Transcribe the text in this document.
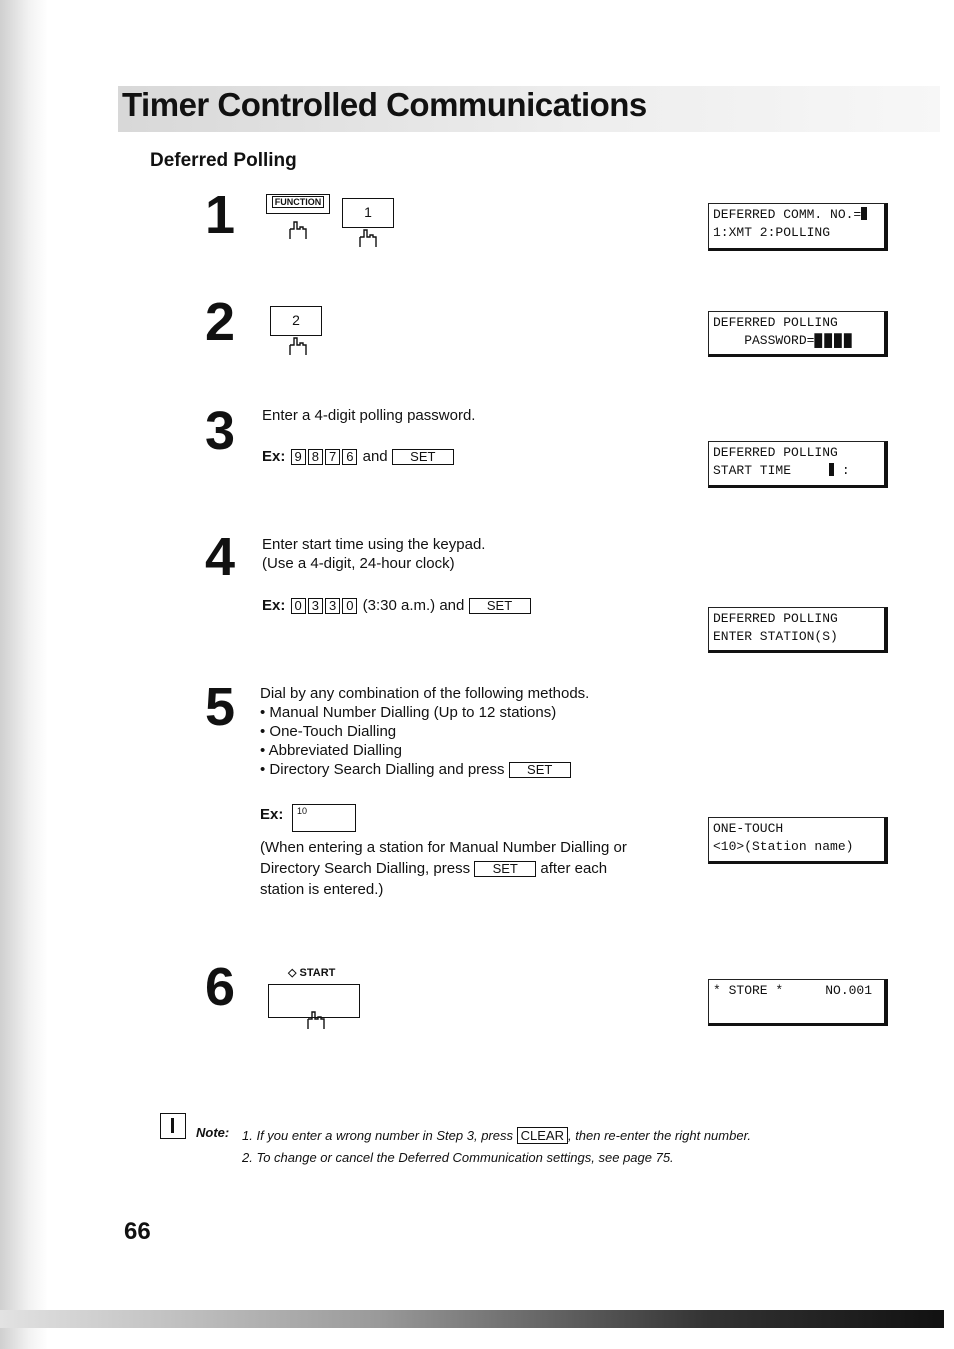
Timer Controlled Communications
Deferred Polling
1	FUNCTION
1	DEFERRED COMM. NO.=
1:XMT 2:POLLING
2	2	DEFERRED POLLING
PASSWORD=████
3 Enter a 4-digit polling password.
Ex: 9 8 7 6 and SET	DEFERRED POLLING
START TIME	:
4 Enter start time using the keypad.
(Use a 4-digit, 24-hour clock)
Ex: 0 3 3 0 (3:30 a.m.) and SET
DEFERRED POLLING
ENTER STATION(S)
5 Dial by any combination of the following methods.
• Manual Number Dialling (Up to 12 stations)
• One-Touch Dialling
• Abbreviated Dialling
• Directory Search Dialling and press SET
Ex:	10
(When entering a station for Manual Number Dialling or
Directory Search Dialling, press SET after each
station is entered.)
ONE-TOUCH
<10>(Station name)
6	◇ START
* STORE *	NO.001
Note: 1. If you enter a wrong number in Step 3, press CLEAR , then re-enter the right number.
2. To change or cancel the Deferred Communication settings, see page 75.
66
